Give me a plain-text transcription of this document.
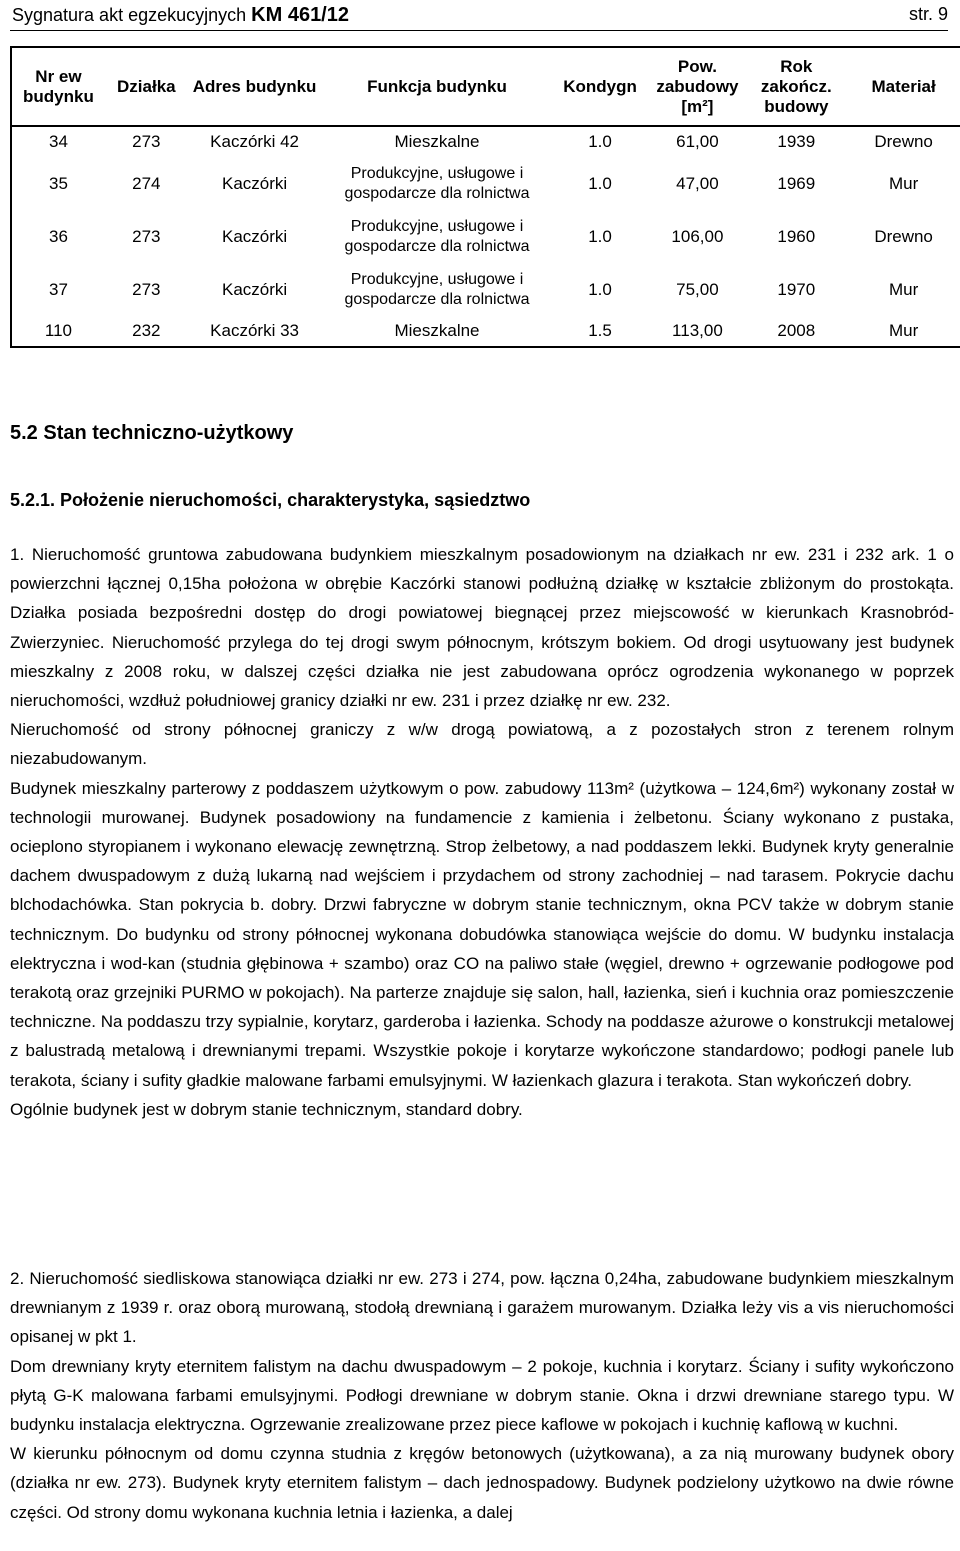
Sygnatura akt egzekucyjnych KM 461/12	str. 9
Nr ew budynku	Działka	Adres budynku	Funkcja budynku	Kondygn	Pow. zabudowy [m²]	Rok zakończ. budowy	Materiał
34	273	Kaczórki 42	Mieszkalne	1.0	61,00	1939	Drewno
35	274	Kaczórki	Produkcyjne, usługowe i gospodarcze dla rolnictwa	1.0	47,00	1969	Mur
36	273	Kaczórki	Produkcyjne, usługowe i gospodarcze dla rolnictwa	1.0	106,00	1960	Drewno
37	273	Kaczórki	Produkcyjne, usługowe i gospodarcze dla rolnictwa	1.0	75,00	1970	Mur
110	232	Kaczórki 33	Mieszkalne	1.5	113,00	2008	Mur
5.2 Stan techniczno-użytkowy
5.2.1. Położenie nieruchomości, charakterystyka, sąsiedztwo

1. Nieruchomość gruntowa zabudowana budynkiem mieszkalnym posadowionym na działkach nr ew. 231 i 232 ark. 1 o powierzchni łącznej 0,15ha położona w obrębie Kaczórki stanowi podłużną działkę w kształcie zbliżonym do prostokąta. Działka posiada bezpośredni dostęp do drogi powiatowej biegnącej przez miejscowość w kierunkach Krasnobród-Zwierzyniec. Nieruchomość przylega do tej drogi swym północnym, krótszym bokiem. Od drogi usytuowany jest budynek mieszkalny z 2008 roku, w dalszej części działka nie jest zabudowana oprócz ogrodzenia wykonanego w poprzek nieruchomości, wzdłuż południowej granicy działki nr ew. 231 i przez działkę nr ew. 232.

Nieruchomość od strony północnej graniczy z w/w drogą powiatową, a z pozostałych stron z terenem rolnym niezabudowanym.

Budynek mieszkalny parterowy z poddaszem użytkowym o pow. zabudowy 113m² (użytkowa – 124,6m²) wykonany został w technologii murowanej. Budynek posadowiony na fundamencie z kamienia i żelbetonu. Ściany wykonano z pustaka, ocieplono styropianem i wykonano elewację zewnętrzną. Strop żelbetowy, a nad poddaszem lekki. Budynek kryty generalnie dachem dwuspadowym z dużą lukarną nad wejściem i przydachem od strony zachodniej – nad tarasem. Pokrycie dachu blchodachówka. Stan pokrycia b. dobry. Drzwi fabryczne w dobrym stanie technicznym, okna PCV także w dobrym stanie technicznym. Do budynku od strony północnej wykonana dobudówka stanowiąca wejście do domu. W budynku instalacja elektryczna i wod-kan (studnia głębinowa + szambo) oraz CO na paliwo stałe (węgiel, drewno + ogrzewanie podłogowe pod terakotą oraz grzejniki PURMO w pokojach). Na parterze znajduje się salon, hall, łazienka, sień i kuchnia oraz pomieszczenie techniczne. Na poddaszu trzy sypialnie, korytarz, garderoba i łazienka. Schody na poddasze ażurowe o konstrukcji metalowej z balustradą metalową i drewnianymi trepami. Wszystkie pokoje i korytarze wykończone standardowo; podłogi panele lub terakota, ściany i sufity gładkie malowane farbami emulsyjnymi. W łazienkach glazura i terakota. Stan wykończeń dobry.

Ogólnie budynek jest w dobrym stanie technicznym, standard dobry.

2. Nieruchomość siedliskowa stanowiąca działki nr ew. 273 i 274, pow. łączna 0,24ha, zabudowane budynkiem mieszkalnym drewnianym z 1939 r. oraz oborą murowaną, stodołą drewnianą i garażem murowanym. Działka leży vis a vis nieruchomości opisanej w pkt 1.

Dom drewniany kryty eternitem falistym na dachu dwuspadowym – 2 pokoje, kuchnia i korytarz. Ściany i sufity wykończono płytą G-K malowana farbami emulsyjnymi. Podłogi drewniane w dobrym stanie. Okna i drzwi drewniane starego typu. W budynku instalacja elektryczna. Ogrzewanie zrealizowane przez piece kaflowe w pokojach i kuchnię kaflową w kuchni.

W kierunku północnym od domu czynna studnia z kręgów betonowych (użytkowana), a za nią murowany budynek obory (działka nr ew. 273). Budynek kryty eternitem falistym – dach jednospadowy. Budynek podzielony użytkowo na dwie równe części. Od strony domu wykonana kuchnia letnia i łazienka, a dalej
